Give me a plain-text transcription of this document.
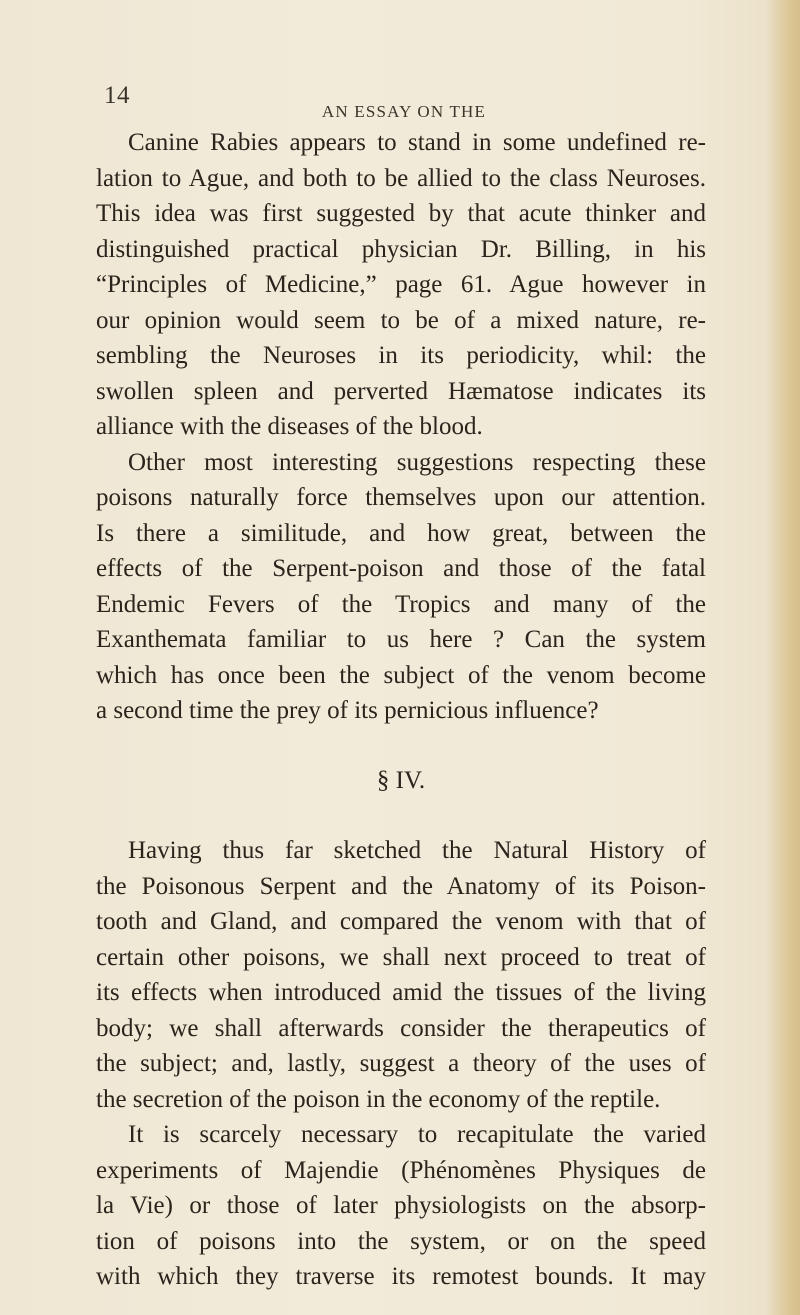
14
AN ESSAY ON THE
Canine Rabies appears to stand in some undefined re-
lation to Ague, and both to be allied to the class Neuroses.
This idea was first suggested by that acute thinker and
distinguished practical physician Dr. Billing, in his
“Principles of Medicine,” page 61. Ague however in
our opinion would seem to be of a mixed nature, re-
sembling the Neuroses in its periodicity, whil: the
swollen spleen and perverted Hæmatose indicates its
alliance with the diseases of the blood.
Other most interesting suggestions respecting these
poisons naturally force themselves upon our attention.
Is there a similitude, and how great, between the
effects of the Serpent-poison and those of the fatal
Endemic Fevers of the Tropics and many of the
Exanthemata familiar to us here ? Can the system
which has once been the subject of the venom become
a second time the prey of its pernicious influence?
§ IV.
Having thus far sketched the Natural History of
the Poisonous Serpent and the Anatomy of its Poison-
tooth and Gland, and compared the venom with that of
certain other poisons, we shall next proceed to treat of
its effects when introduced amid the tissues of the living
body; we shall afterwards consider the therapeutics of
the subject; and, lastly, suggest a theory of the uses of
the secretion of the poison in the economy of the reptile.
It is scarcely necessary to recapitulate the varied
experiments of Majendie (Phénomènes Physiques de
la Vie) or those of later physiologists on the absorp-
tion of poisons into the system, or on the speed
with which they traverse its remotest bounds. It may
